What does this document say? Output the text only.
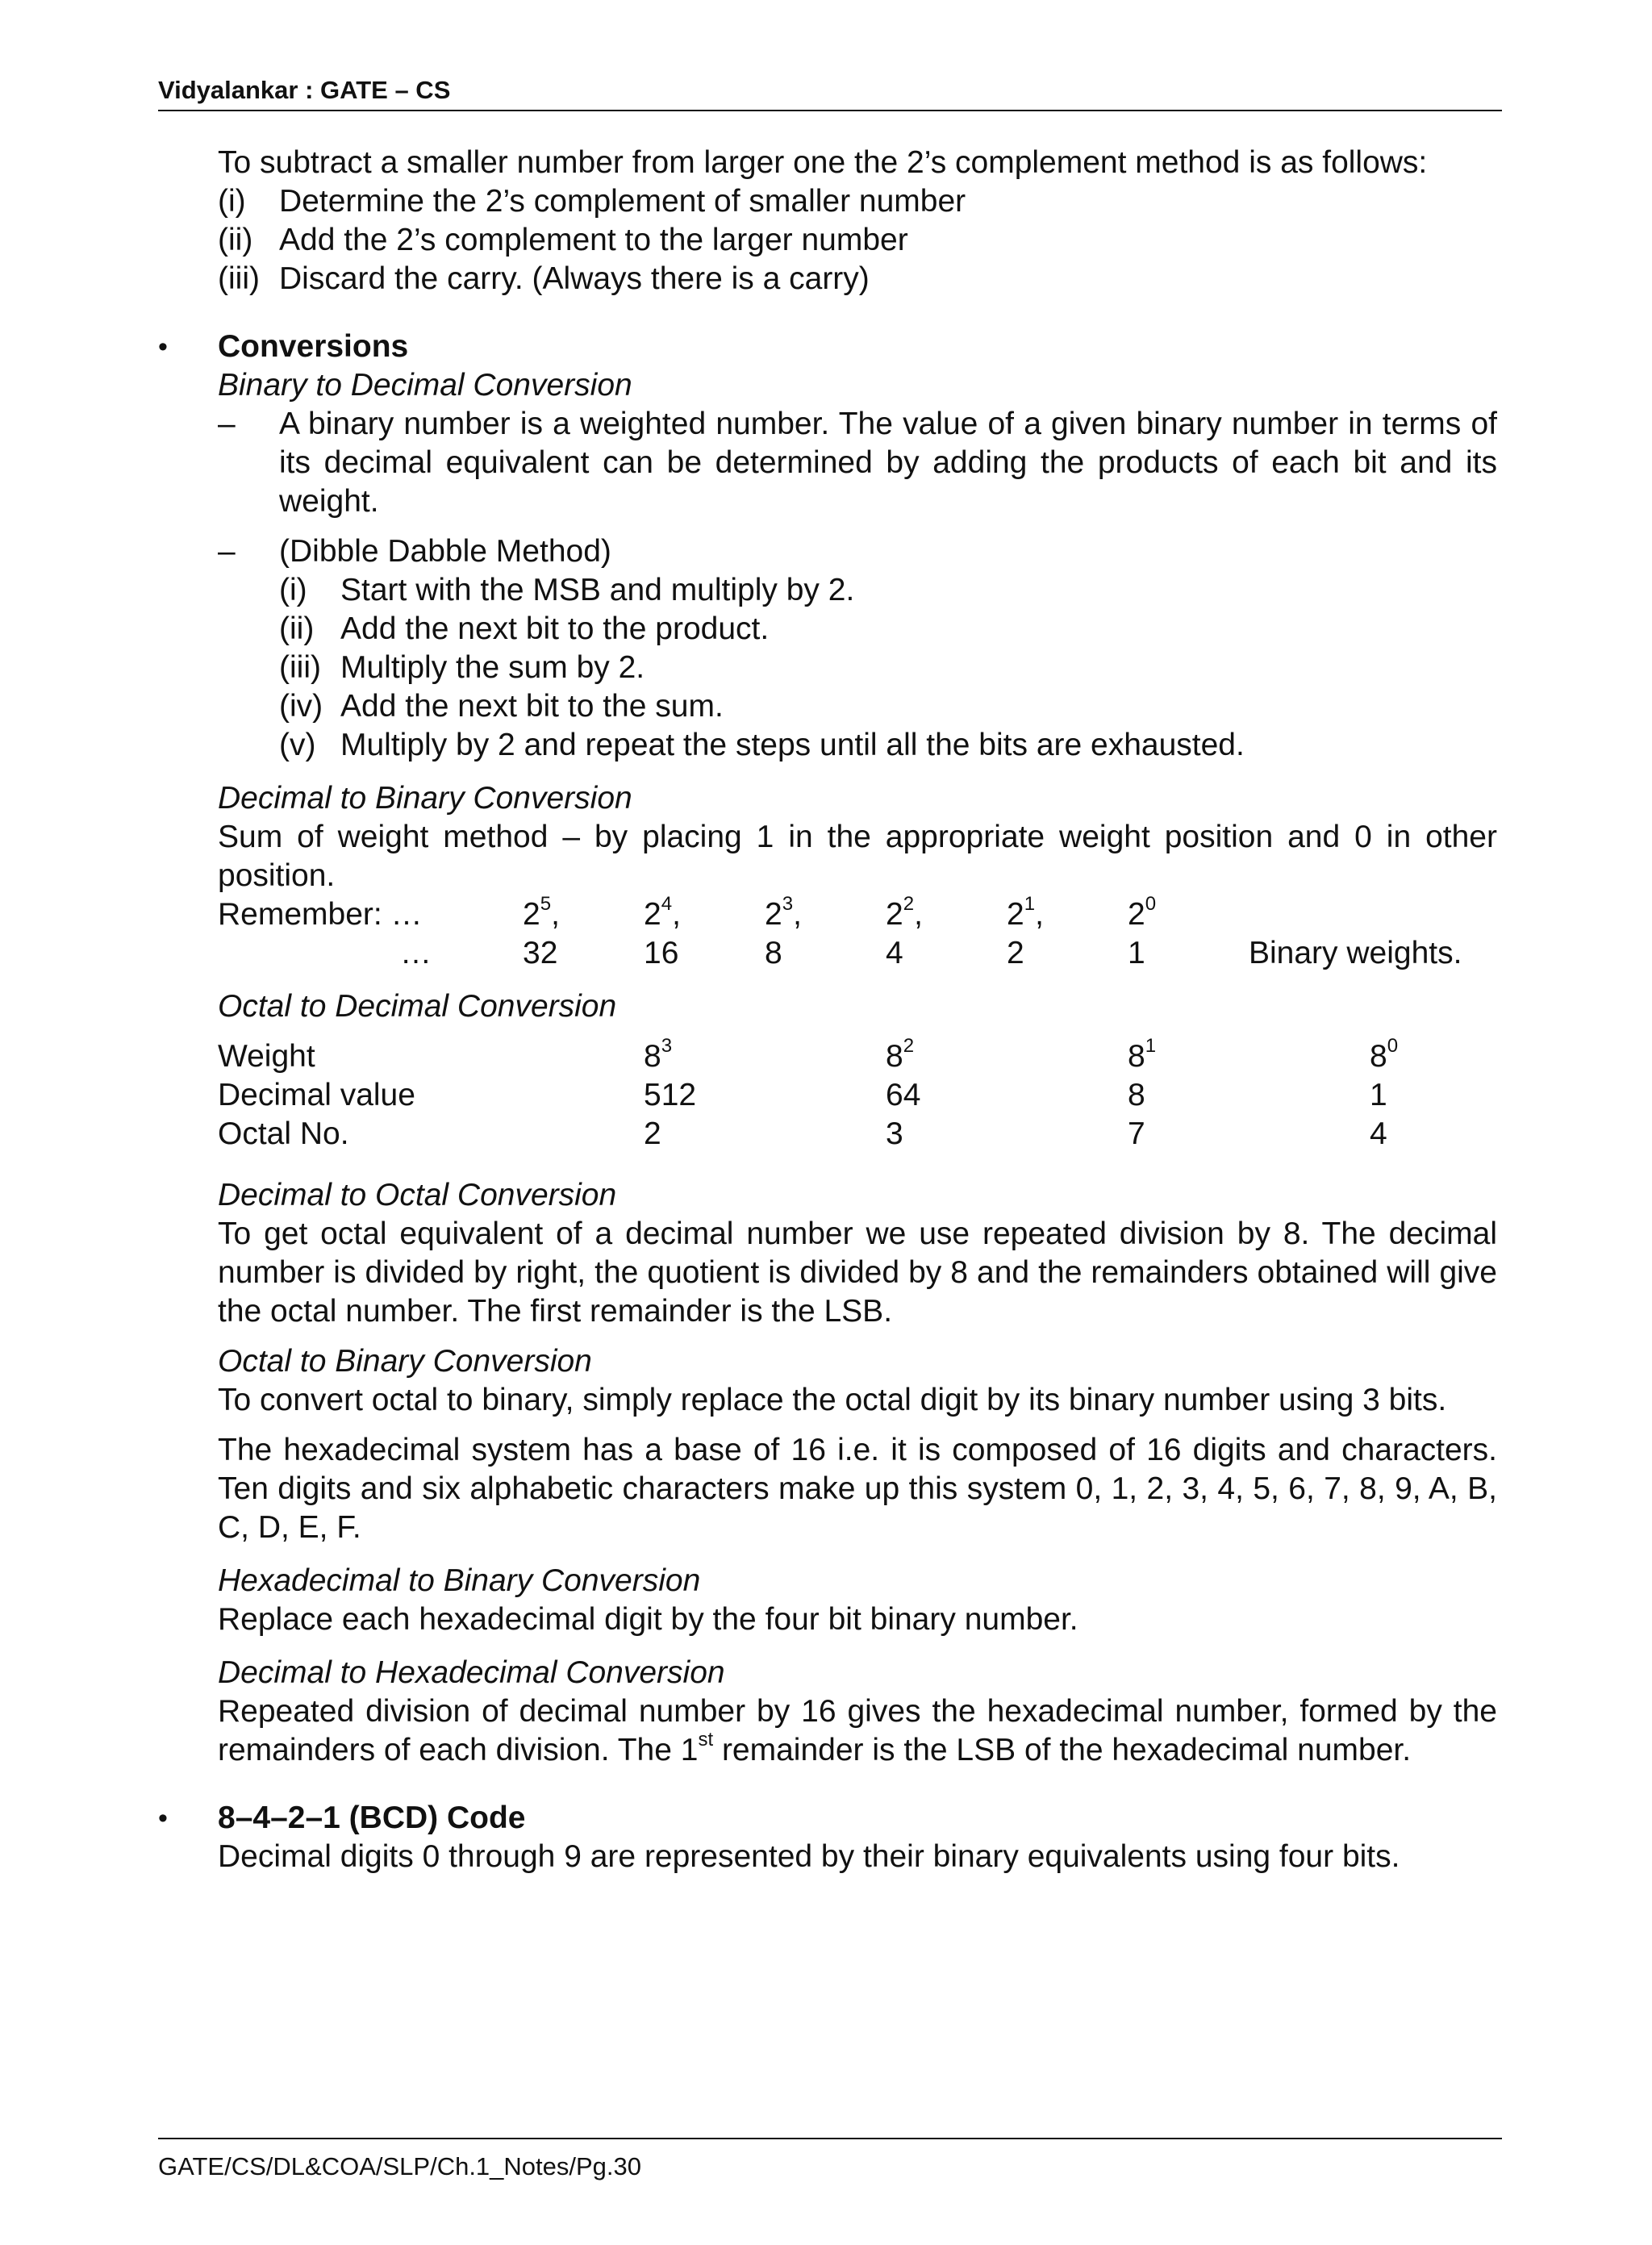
Vidyalankar : GATE – CS

To subtract a smaller number from larger one the 2’s complement method is as follows:

(i)	Determine the 2’s complement of smaller number
(ii) Add the 2’s complement to the larger number
(iii) Discard the carry. (Always there is a carry)
• Conversions

Binary to Decimal Conversion

–	A binary number is a weighted number. The value of a given binary number in terms of its decimal equivalent can be determined by adding the products of each bit and its weight.
–	(Dibble Dabble Method)

(i)	Start with the MSB and multiply by 2.
(ii) Add the next bit to the product.
(iii) Multiply the sum by 2.
(iv) Add the next bit to the sum.
(v) Multiply by 2 and repeat the steps until all the bits are exhausted.

Decimal to Binary Conversion

Sum of weight method – by placing 1 in the appropriate weight position and 0 in other position.

Remember: …	$2^5$,	$2^4$,	$2^3$,	$2^2$,	$2^1$,	$2^0$
…	32	16	8	4	2	1	Binary weights.

Octal to Decimal Conversion

Weight	$8^3$	$8^2$	$8^1$	$8^0$
Decimal value	512	64	8	1
Octal No.	2	3	7	4

Decimal to Octal Conversion

To get octal equivalent of a decimal number we use repeated division by 8. The decimal number is divided by right, the quotient is divided by 8 and the remainders obtained will give the octal number. The first remainder is the LSB.

Octal to Binary Conversion

To convert octal to binary, simply replace the octal digit by its binary number using 3 bits.

The hexadecimal system has a base of 16 i.e. it is composed of 16 digits and characters. Ten digits and six alphabetic characters make up this system 0, 1, 2, 3, 4, 5, 6, 7, 8, 9, A, B, C, D, E, F.

Hexadecimal to Binary Conversion

Replace each hexadecimal digit by the four bit binary number.

Decimal to Hexadecimal Conversion

Repeated division of decimal number by 16 gives the hexadecimal number, formed by the remainders of each division. The 1st remainder is the LSB of the hexadecimal number.

• 8–4–2–1 (BCD) Code

Decimal digits 0 through 9 are represented by their binary equivalents using four bits.

GATE/CS/DL&COA/SLP/Ch.1_Notes/Pg.30
